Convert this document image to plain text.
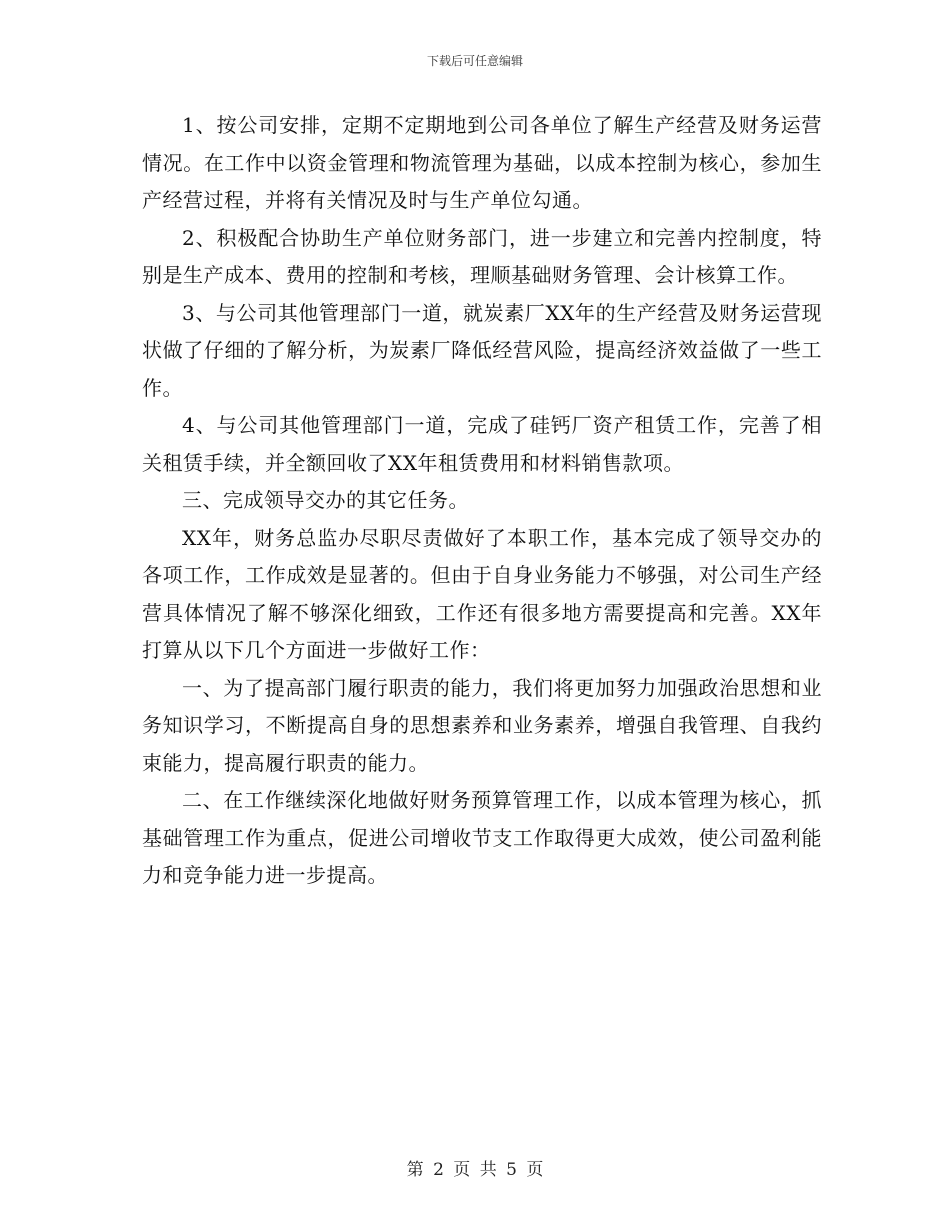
下载后可任意编辑

1、按公司安排，定期不定期地到公司各单位了解生产经营及财务运营情况。在工作中以资金管理和物流管理为基础，以成本控制为核心，参加生产经营过程，并将有关情况及时与生产单位勾通。

2、积极配合协助生产单位财务部门，进一步建立和完善内控制度，特别是生产成本、费用的控制和考核，理顺基础财务管理、会计核算工作。

3、与公司其他管理部门一道，就炭素厂XX年的生产经营及财务运营现状做了仔细的了解分析，为炭素厂降低经营风险，提高经济效益做了一些工作。

4、与公司其他管理部门一道，完成了硅钙厂资产租赁工作，完善了相关租赁手续，并全额回收了XX年租赁费用和材料销售款项。

三、完成领导交办的其它任务。

XX年，财务总监办尽职尽责做好了本职工作，基本完成了领导交办的各项工作，工作成效是显著的。但由于自身业务能力不够强，对公司生产经营具体情况了解不够深化细致，工作还有很多地方需要提高和完善。XX年打算从以下几个方面进一步做好工作：

一、为了提高部门履行职责的能力，我们将更加努力加强政治思想和业务知识学习，不断提高自身的思想素养和业务素养，增强自我管理、自我约束能力，提高履行职责的能力。

二、在工作继续深化地做好财务预算管理工作，以成本管理为核心，抓基础管理工作为重点，促进公司增收节支工作取得更大成效，使公司盈利能力和竞争能力进一步提高。

第 2 页 共 5 页
